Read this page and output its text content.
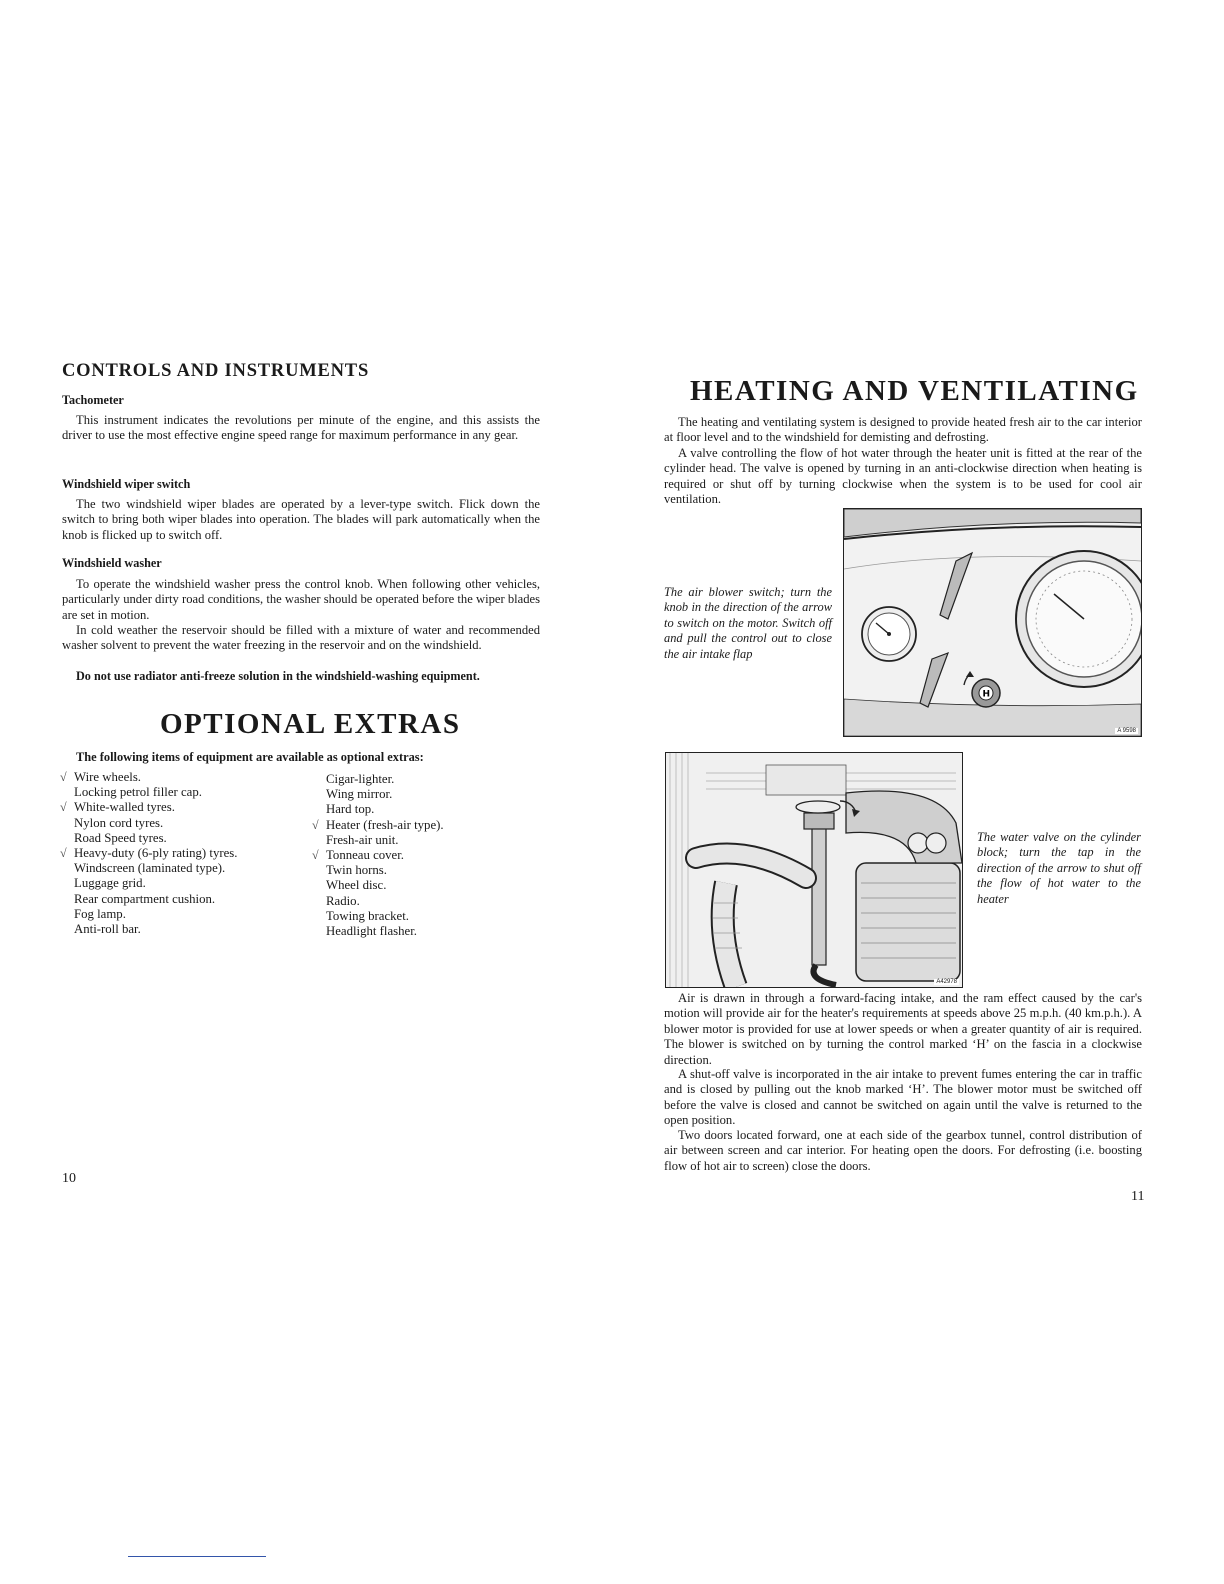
CONTROLS AND INSTRUMENTS
Tachometer

This instrument indicates the revolutions per minute of the engine, and this assists the driver to use the most effective engine speed range for maximum performance in any gear.

Windshield wiper switch

The two windshield wiper blades are operated by a lever-type switch. Flick down the switch to bring both wiper blades into operation. The blades will park automatically when the knob is flicked up to switch off.

Windshield washer

To operate the windshield washer press the control knob. When following other vehicles, particularly under dirty road conditions, the washer should be operated before the wiper blades are set in motion.

In cold weather the reservoir should be filled with a mixture of water and recommended washer solvent to prevent the water freezing in the reservoir and on the windshield.

Do not use radiator anti-freeze solution in the windshield-washing equipment.

OPTIONAL EXTRAS

The following items of equipment are available as optional extras:

√ Wire wheels.
Locking petrol filler cap.
√ White-walled tyres.
Nylon cord tyres.
Road Speed tyres.
√ Heavy-duty (6-ply rating) tyres.
Windscreen (laminated type).
Luggage grid.
Rear compartment cushion.
Fog lamp.
Anti-roll bar.
Cigar-lighter.
Wing mirror.
Hard top.
√ Heater (fresh-air type).
Fresh-air unit.
√ Tonneau cover.
Twin horns.
Wheel disc.
Radio.
Towing bracket.
Headlight flasher.
10
HEATING AND VENTILATING

The heating and ventilating system is designed to provide heated fresh air to the car interior at floor level and to the windshield for demisting and defrosting.

A valve controlling the flow of hot water through the heater unit is fitted at the rear of the cylinder head. The valve is opened by turning in an anti-clockwise direction when heating is required or shut off by turning clockwise when the system is to be used for cool air ventilation.

The air blower switch; turn the knob in the direction of the arrow to switch on the motor. Switch off and pull the control out to close the air intake flap

H
A 9598
A42978

The water valve on the cylinder block; turn the tap in the direction of the arrow to shut off the flow of hot water to the heater

Air is drawn in through a forward-facing intake, and the ram effect caused by the car's motion will provide air for the heater's requirements at speeds above 25 m.p.h. (40 km.p.h.). A blower motor is provided for use at lower speeds or when a greater quantity of air is required. The blower is switched on by turning the control marked ‘H’ on the fascia in a clockwise direction.

A shut-off valve is incorporated in the air intake to prevent fumes entering the car in traffic and is closed by pulling out the knob marked ‘H’. The blower motor must be switched off before the valve is closed and cannot be switched on again until the valve is returned to the open position.

Two doors located forward, one at each side of the gearbox tunnel, control distribution of air between screen and car interior. For heating open the doors. For defrosting (i.e. boosting flow of hot air to screen) close the doors.

11
